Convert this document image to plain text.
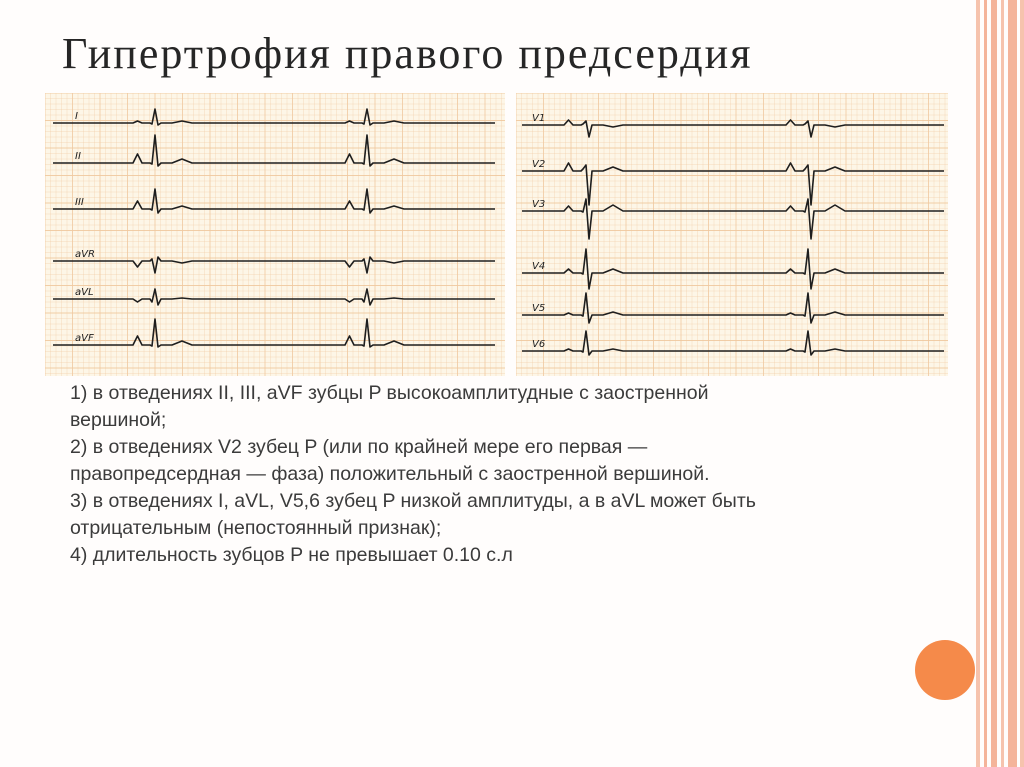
Гипертрофия правого предсердия
I
II
III
aVR
aVL
aVF
V1
V2
V3
V4
V5
V6
1) в отведениях II, III, aVF зубцы P высокоамплитудные с заостренной
вершиной;
2) в отведениях V2 зубец P (или по крайней мере его первая —
правопредсердная — фаза) положительный с заостренной вершиной.
3) в отведениях I, aVL, V5,6 зубец P низкой амплитуды, а в aVL может быть
отрицательным (непостоянный признак);
4) длительность зубцов P не превышает 0.10 с.л
